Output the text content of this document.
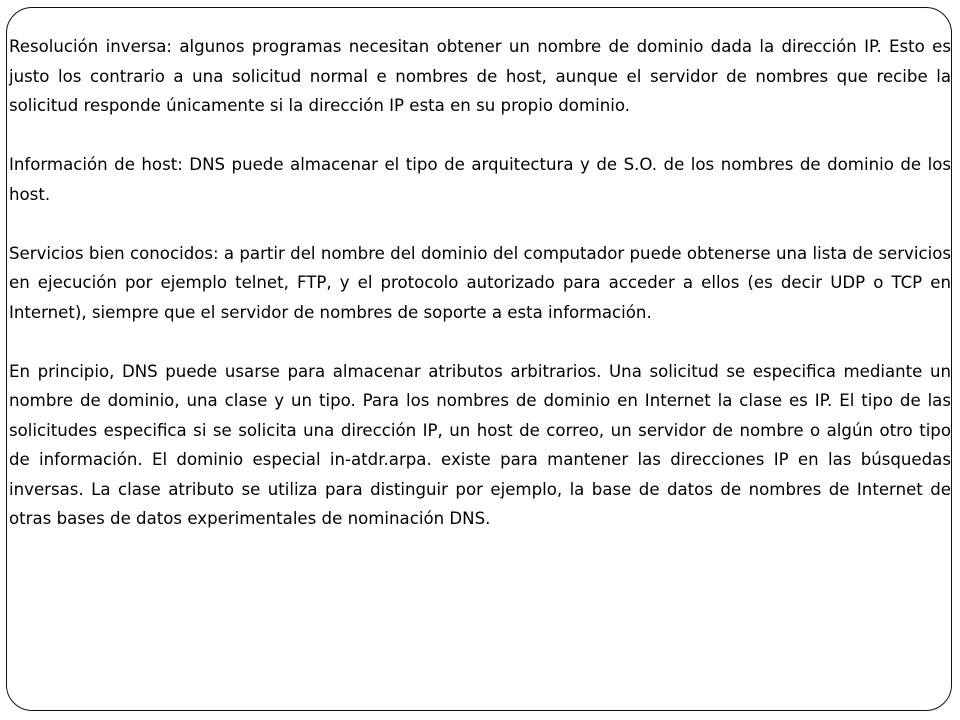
Resolución inversa: algunos programas necesitan obtener un nombre de dominio dada la dirección IP. Esto es justo los contrario a una solicitud normal e nombres de host, aunque el servidor de nombres que recibe la solicitud responde únicamente si la dirección IP esta en su propio dominio.

Información de host: DNS puede almacenar el tipo de arquitectura y de S.O. de los nombres de dominio de los host.

Servicios bien conocidos: a partir del nombre del dominio del computador puede obtenerse una lista de servicios en ejecución por ejemplo telnet, FTP, y el protocolo autorizado para acceder a ellos (es decir UDP o TCP en Internet), siempre que el servidor de nombres de soporte a esta información.

En principio, DNS puede usarse para almacenar atributos arbitrarios. Una solicitud se especifica mediante un nombre de dominio, una clase y un tipo. Para los nombres de dominio en Internet la clase es IP. El tipo de las solicitudes especifica si se solicita una dirección IP, un host de correo, un servidor de nombre o algún otro tipo de información. El dominio especial in-atdr.arpa. existe para mantener las direcciones IP en las búsquedas inversas. La clase atributo se utiliza para distinguir por ejemplo, la base de datos de nombres de Internet de otras bases de datos experimentales de nominación DNS.
